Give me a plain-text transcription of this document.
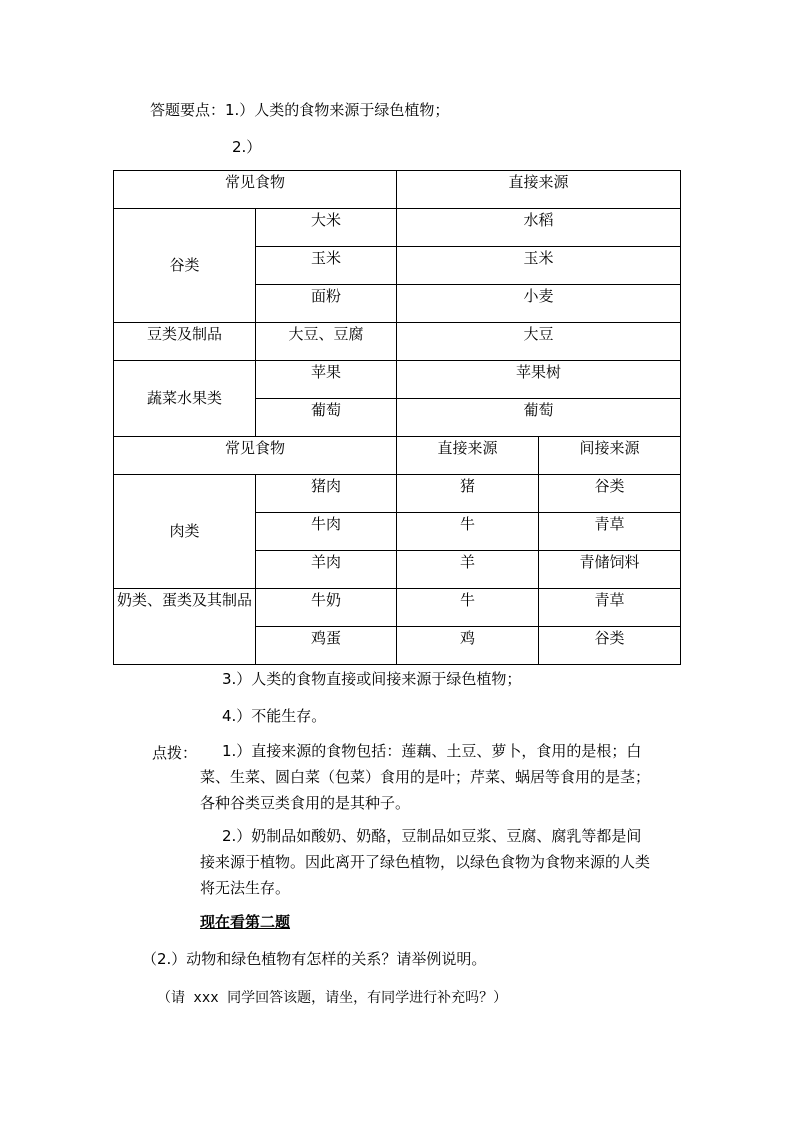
答题要点：1.）人类的食物来源于绿色植物；
2.）
常见食物		直接来源	
谷类	大米	水稻	
	玉米	玉米	
	面粉	小麦	
豆类及制品	大豆、豆腐	大豆	
蔬菜水果类	苹果	苹果树	
	葡萄	葡萄	
常见食物		直接来源	间接来源
肉类	猪肉	猪	谷类
	牛肉	牛	青草
	羊肉	羊	青储饲料
奶类、蛋类及其制品	牛奶	牛	青草
	鸡蛋	鸡	谷类
3.）人类的食物直接或间接来源于绿色植物；
4.）不能生存。
点拨：	1.）直接来源的食物包括：莲藕、土豆、萝卜，食用的是根；白
菜、生菜、圆白菜（包菜）食用的是叶；芹菜、蜗居等食用的是茎；
各种谷类豆类食用的是其种子。
2.）奶制品如酸奶、奶酪，豆制品如豆浆、豆腐、腐乳等都是间
接来源于植物。因此离开了绿色植物，以绿色食物为食物来源的人类
将无法生存。
现在看第二题
（2.）动物和绿色植物有怎样的关系？请举例说明。
（请 xxx 同学回答该题，请坐，有同学进行补充吗？）
